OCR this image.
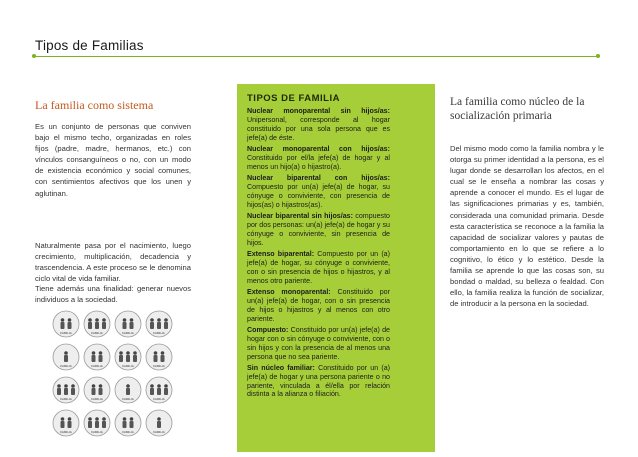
Tipos de Familias
La familia como sistema

Es un conjunto de personas que conviven bajo el mismo techo, organizadas en roles fijos (padre, madre, hermanos, etc.) con vínculos consanguíneos o no, con un modo de existencia económico y social comunes, con sentimientos afectivos que los unen y aglutinan.

Naturalmente pasa por el nacimiento, luego crecimiento, multiplicación, decadencia y trascendencia. A este proceso se le denomina ciclo vital de vida familiar.

Tiene además una finalidad: generar nuevos individuos a la sociedad.

FAMILIA	FAMILIA	FAMILIA	FAMILIA
FAMILIA	FAMILIA	FAMILIA	FAMILIA
FAMILIA	FAMILIA	FAMILIA	FAMILIA
FAMILIA	FAMILIA	FAMILIA	FAMILIA
TIPOS DE FAMILIA

Nuclear monoparental sin hijos/as: Unipersonal, corresponde al hogar constituido por una sola persona que es jefe(a) de éste.

Nuclear monoparental con hijos/as: Constituido por el/la jefe(a) de hogar y al menos un hijo(a) o hijastro(a).

Nuclear biparental con hijos/as: Compuesto por un(a) jefe(a) de hogar, su cónyuge o conviviente, con presencia de hijos(as) o hijastros(as).

Nuclear biparental sin hijos/as: compuesto por dos personas: un(a) jefe(a) de hogar y su cónyuge o conviviente, sin presencia de hijos.

Extenso biparental: Compuesto por un (a) jefe(a) de hogar, su cónyuge o conviviente, con o sin presencia de hijos o hijastros, y al menos otro pariente.

Extenso monoparental: Constituido por un(a) jefe(a) de hogar, con o sin presencia de hijos o hijastros y al menos con otro pariente.

Compuesto: Constituido por un(a) jefe(a) de hogar con o sin cónyuge o conviviente, con o sin hijos y con la presencia de al menos una persona que no sea pariente.

Sin núcleo familiar: Constituido por un (a) jefe(a) de hogar y una persona pariente o no pariente, vinculada a él/ella por relación distinta a la alianza o filiación.

La familia como núcleo de la socialización primaria

Del mismo modo como la familia nombra y le otorga su primer identidad a la persona, es el lugar donde se desarrollan los afectos, en el cual se le enseña a nombrar las cosas y aprende a conocer el mundo. Es el lugar de las significaciones primarias y es, también, considerada una comunidad primaria. Desde esta característica se reconoce a la familia la capacidad de socializar valores y pautas de comportamiento en lo que se refiere a lo cognitivo, lo ético y lo estético. Desde la familia se aprende lo que las cosas son, su bondad o maldad, su belleza o fealdad. Con ello, la familia realiza la función de socializar, de introducir a la persona en la sociedad.
